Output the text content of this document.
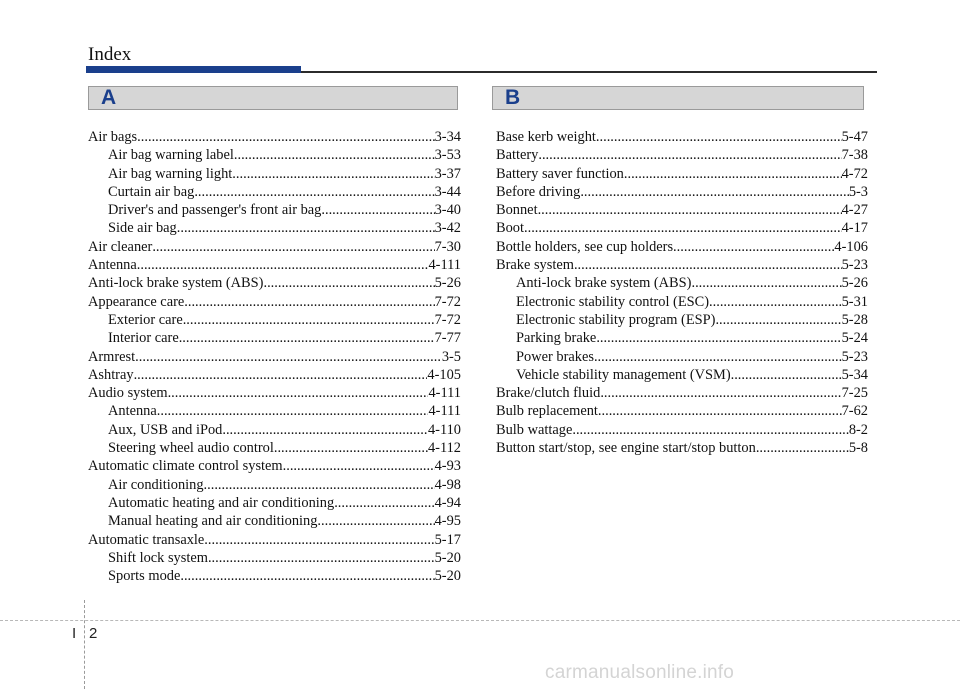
Index
A	B
Air bags .....	3-34
Air bag warning label .....	3-53
Air bag warning light .....	3-37
Curtain air bag .....	3-44
Driver's and passenger's front air bag .....	3-40
Side air bag .....	3-42
Air cleaner .....	7-30
Antenna .....	4-111
Anti-lock brake system (ABS) .....	5-26
Appearance care .....	7-72
Exterior care .....	7-72
Interior care .....	7-77
Armrest .....	3-5
Ashtray .....	4-105
Audio system .....	4-111
Antenna .....	4-111
Aux, USB and iPod .....	4-110
Steering wheel audio control .....	4-112
Automatic climate control system .....	4-93
Air conditioning .....	4-98
Automatic heating and air conditioning .....	4-94
Manual heating and air conditioning .....	4-95
Automatic transaxle .....	5-17
Shift lock system .....	5-20
Sports mode .....	5-20
Base kerb weight .....	5-47
Battery .....	7-38
Battery saver function .....	4-72
Before driving .....	5-3
Bonnet .....	4-27
Boot .....	4-17
Bottle holders, see cup holders .....	4-106
Brake system .....	5-23
Anti-lock brake system (ABS) .....	5-26
Electronic stability control (ESC) .....	5-31
Electronic stability program (ESP) .....	5-28
Parking brake .....	5-24
Power brakes .....	5-23
Vehicle stability management (VSM) .....	5-34
Brake/clutch fluid .....	7-25
Bulb replacement .....	7-62
Bulb wattage .....	8-2
Button start/stop, see engine start/stop button .....	5-8
I 2
carmanualsonline.info
